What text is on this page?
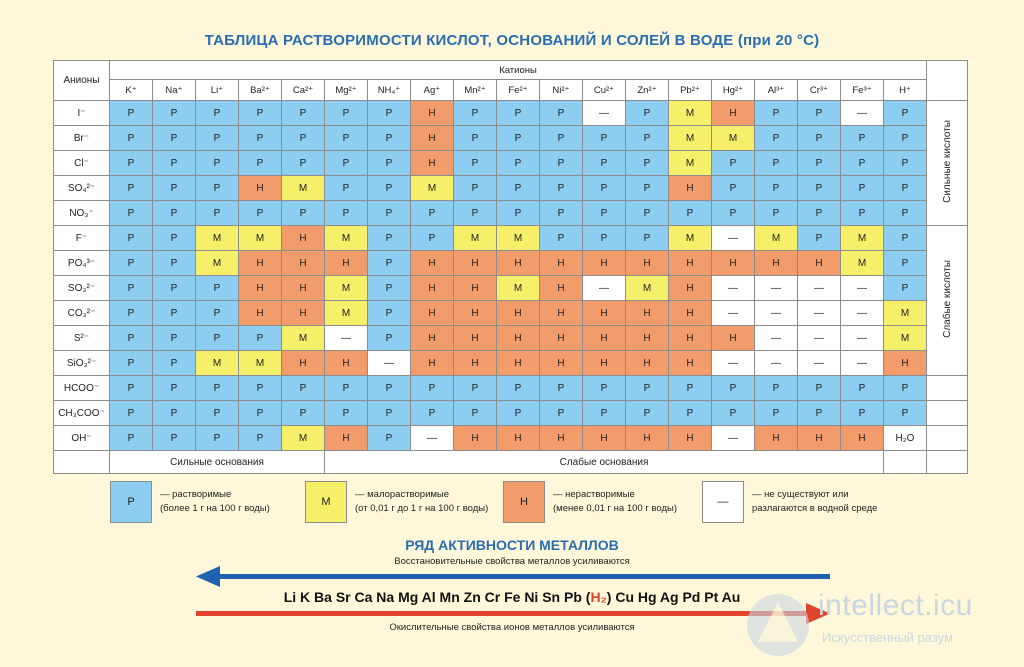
ТАБЛИЦА РАСТВОРИМОСТИ КИСЛОТ, ОСНОВАНИЙ И СОЛЕЙ В ВОДЕ (при 20 °С)
Анионы	Катионы																			
	K⁺	Na⁺	Li⁺	Ba²⁺	Ca²⁺	Mg²⁺	NH₄⁺	Ag⁺	Mn²⁺	Fe²⁺	Ni²⁺	Cu²⁺	Zn²⁺	Pb²⁺	Hg²⁺	Al³⁺	Cr³⁺	Fe³⁺	H⁺	
I⁻	Р	Р	Р	Р	Р	Р	Р	Н	Р	Р	Р	—	Р	М	Н	Р	Р	—	Р	Сильные кислоты
Br⁻	Р	Р	Р	Р	Р	Р	Р	Н	Р	Р	Р	Р	Р	М	М	Р	Р	Р	Р	
Cl⁻	Р	Р	Р	Р	Р	Р	Р	Н	Р	Р	Р	Р	Р	М	Р	Р	Р	Р	Р	
SO₄²⁻	Р	Р	Р	Н	М	Р	Р	М	Р	Р	Р	Р	Р	Н	Р	Р	Р	Р	Р	
NO₃⁻	Р	Р	Р	Р	Р	Р	Р	Р	Р	Р	Р	Р	Р	Р	Р	Р	Р	Р	Р	
F⁻	Р	Р	М	М	Н	М	Р	Р	М	М	Р	Р	Р	М	—	М	Р	М	Р	Слабые кислоты
PO₄³⁻	Р	Р	М	Н	Н	Н	Р	Н	Н	Н	Н	Н	Н	Н	Н	Н	Н	М	Р	
SO₃²⁻	Р	Р	Р	Н	Н	М	Р	Н	Н	М	Н	—	М	Н	—	—	—	—	Р	
CO₃²⁻	Р	Р	Р	Н	Н	М	Р	Н	Н	Н	Н	Н	Н	Н	—	—	—	—	М	
S²⁻	Р	Р	Р	Р	М	—	Р	Н	Н	Н	Н	Н	Н	Н	Н	—	—	—	М	
SiO₃²⁻	Р	Р	М	М	Н	Н	—	Н	Н	Н	Н	Н	Н	Н	—	—	—	—	Н	
HCOO⁻	Р	Р	Р	Р	Р	Р	Р	Р	Р	Р	Р	Р	Р	Р	Р	Р	Р	Р	Р	
CH₃COO⁻	Р	Р	Р	Р	Р	Р	Р	Р	Р	Р	Р	Р	Р	Р	Р	Р	Р	Р	Р	
OH⁻	Р	Р	Р	Р	М	Н	Р	—	Н	Н	Н	Н	Н	Н	—	Н	Н	Н	H₂O	
	Сильные основания					Слабые основания														
РЯД АКТИВНОСТИ МЕТАЛЛОВ
Восстановительные свойства металлов усиливаются
Li K Ba Sr Ca Na Mg Al Mn Zn Cr Fe Ni Sn Pb (H₂) Cu Hg Ag Pd Pt Au
Окислительные свойства ионов металлов усиливаются
intellect.icu
Искусственный разум
Р
— растворимые
(более 1 г на 100 г воды)
М
— малорастворимые
(от 0,01 г до 1 г на 100 г воды)
Н
— нерастворимые
(менее 0,01 г на 100 г воды)
—
— не существуют или
разлагаются в водной среде
